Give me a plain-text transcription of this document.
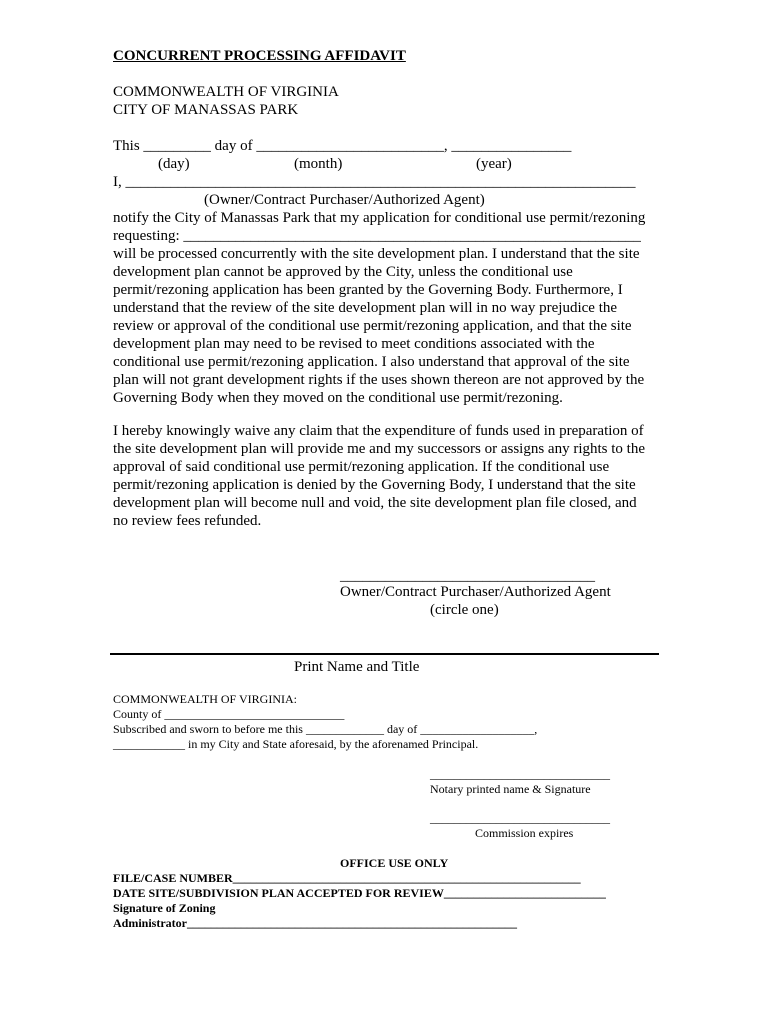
CONCURRENT PROCESSING AFFIDAVIT
COMMONWEALTH OF VIRGINIA
CITY OF MANASSAS PARK
This _________ day of _________________________, ________________
(day)	(month)	(year)
I, ____________________________________________________________________
(Owner/Contract Purchaser/Authorized Agent)
notify the City of Manassas Park that my application for conditional use permit/rezoning
requesting: _____________________________________________________________
will be processed concurrently with the site development plan. I understand that the site
development plan cannot be approved by the City, unless the conditional use
permit/rezoning application has been granted by the Governing Body. Furthermore, I
understand that the review of the site development plan will in no way prejudice the
review or approval of the conditional use permit/rezoning application, and that the site
development plan may need to be revised to meet conditions associated with the
conditional use permit/rezoning application. I also understand that approval of the site
plan will not grant development rights if the uses shown thereon are not approved by the
Governing Body when they moved on the conditional use permit/rezoning.
I hereby knowingly waive any claim that the expenditure of funds used in preparation of
the site development plan will provide me and my successors or assigns any rights to the
approval of said conditional use permit/rezoning application. If the conditional use
permit/rezoning application is denied by the Governing Body, I understand that the site
development plan will become null and void, the site development plan file closed, and
no review fees refunded.
__________________________________
Owner/Contract Purchaser/Authorized Agent
(circle one)
Print Name and Title
COMMONWEALTH OF VIRGINIA:
County of ______________________________
Subscribed and sworn to before me this _____________ day of ___________________,
____________ in my City and State aforesaid, by the aforenamed Principal.
______________________________
Notary printed name & Signature
______________________________
Commission expires
OFFICE USE ONLY
FILE/CASE NUMBER__________________________________________________________
DATE SITE/SUBDIVISION PLAN ACCEPTED FOR REVIEW___________________________
Signature of Zoning
Administrator_______________________________________________________
